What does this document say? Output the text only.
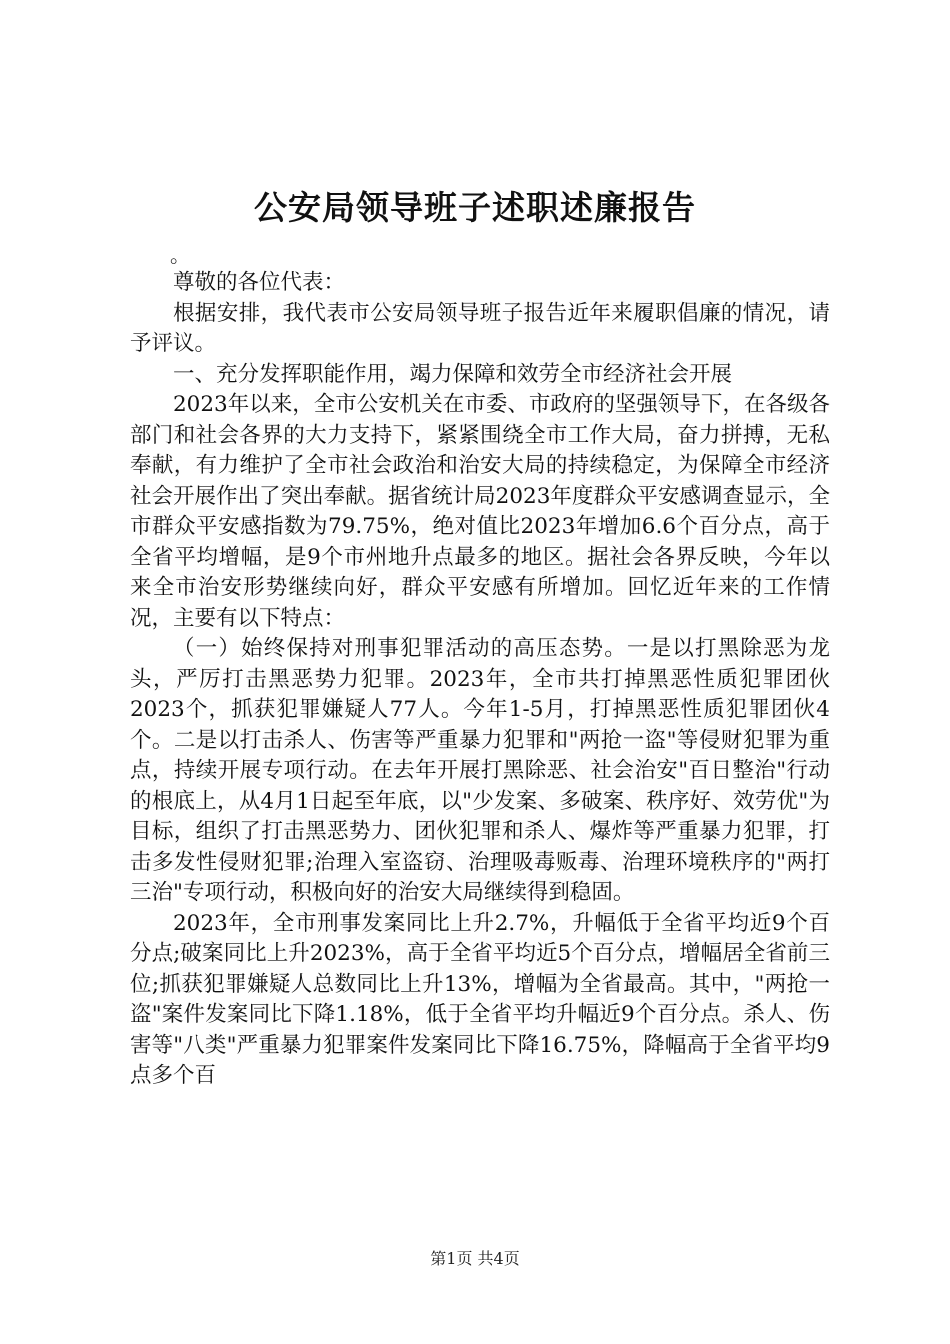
公安局领导班子述职述廉报告

。

尊敬的各位代表：

根据安排，我代表市公安局领导班子报告近年来履职倡廉的情况，请予评议。

一、充分发挥职能作用，竭力保障和效劳全市经济社会开展

2023年以来，全市公安机关在市委、市政府的坚强领导下，在各级各部门和社会各界的大力支持下，紧紧围绕全市工作大局，奋力拼搏，无私奉献，有力维护了全市社会政治和治安大局的持续稳定，为保障全市经济社会开展作出了突出奉献。据省统计局2023年度群众平安感调查显示，全市群众平安感指数为79.75%，绝对值比2023年增加6.6个百分点，高于全省平均增幅，是9个市州地升点最多的地区。据社会各界反映，今年以来全市治安形势继续向好，群众平安感有所增加。回忆近年来的工作情况，主要有以下特点：

（一）始终保持对刑事犯罪活动的高压态势。一是以打黑除恶为龙头，严厉打击黑恶势力犯罪。2023年，全市共打掉黑恶性质犯罪团伙2023个，抓获犯罪嫌疑人77人。今年1-5月，打掉黑恶性质犯罪团伙4个。二是以打击杀人、伤害等严重暴力犯罪和"两抢一盗"等侵财犯罪为重点，持续开展专项行动。在去年开展打黑除恶、社会治安"百日整治"行动的根底上，从4月1日起至年底，以"少发案、多破案、秩序好、效劳优"为目标，组织了打击黑恶势力、团伙犯罪和杀人、爆炸等严重暴力犯罪，打击多发性侵财犯罪;治理入室盗窃、治理吸毒贩毒、治理环境秩序的"两打三治"专项行动，积极向好的治安大局继续得到稳固。

2023年，全市刑事发案同比上升2.7%，升幅低于全省平均近9个百分点;破案同比上升2023%，高于全省平均近5个百分点，增幅居全省前三位;抓获犯罪嫌疑人总数同比上升13%，增幅为全省最高。其中，"两抢一盗"案件发案同比下降1.18%，低于全省平均升幅近9个百分点。杀人、伤害等"八类"严重暴力犯罪案件发案同比下降16.75%，降幅高于全省平均9点多个百

第1页 共4页
